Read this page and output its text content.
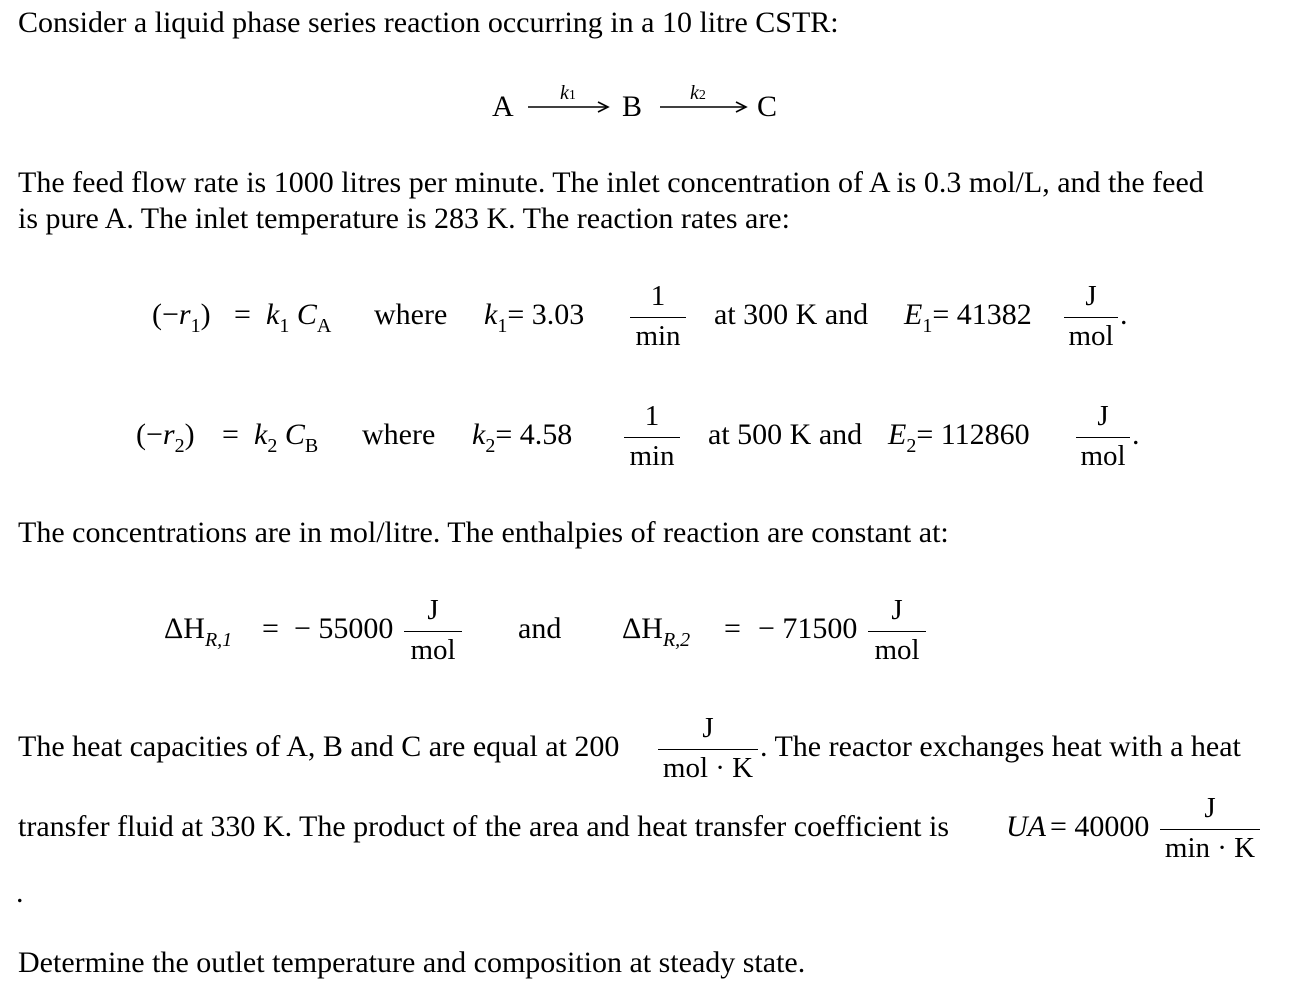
Consider a liquid phase series reaction occurring in a 10 litre CSTR:
A k1 B k2 C
The feed flow rate is 1000 litres per minute. The inlet concentration of A is 0.3 mol/L, and the feed
is pure A. The inlet temperature is 283 K. The reaction rates are:
$(-r_1) = k_1$ $C_A$ where $k_1= 3.03$
1
min
at 300 K and $E_1= 41382$
J
mol
.
$(-r_2) = k_2$ $C_B$ where $k_2= 4.58$
1
min
at 500 K and $E_2= 112860$
J
mol
.
The concentrations are in mol/litre. The enthalpies of reaction are constant at:
$\Delta H_{R,1}$ = − 55000
J
mol
and $\Delta H_{R,2}$ = − 71500
J
mol
The heat capacities of A, B and C are equal at 200
J
mol · K
. The reactor exchanges heat with a heat
transfer fluid at 330 K. The product of the area and heat transfer coefficient is UA = 40000
J
min · K
.
Determine the outlet temperature and composition at steady state.
